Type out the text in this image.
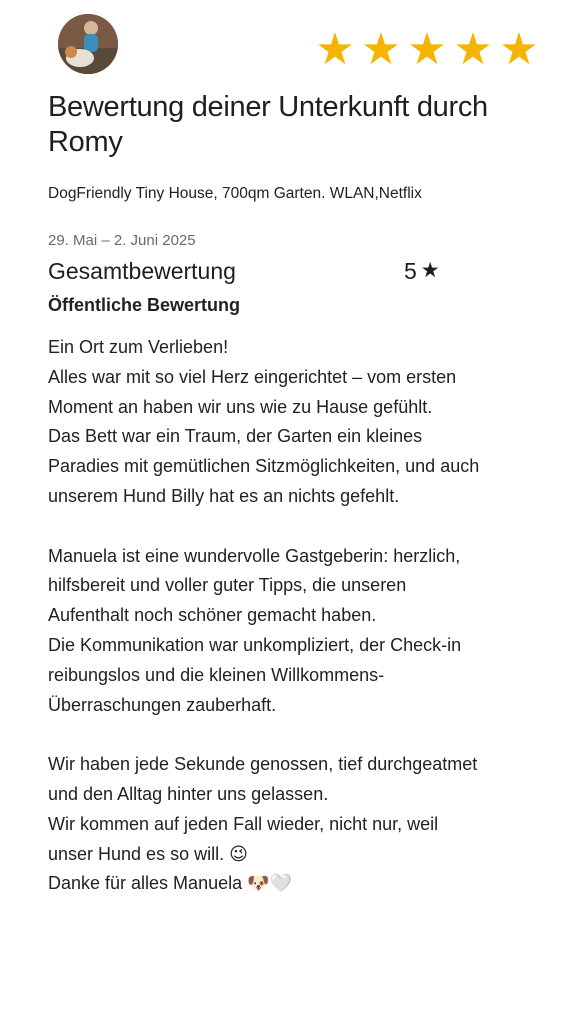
★ ★ ★ ★ ★
Bewertung deiner Unterkunft durch Romy
DogFriendly Tiny House, 700qm Garten. WLAN,Netflix
29. Mai – 2. Juni 2025
Gesamtbewertung	5 ★
Öffentliche Bewertung

Ein Ort zum Verlieben!

Alles war mit so viel Herz eingerichtet – vom ersten Moment an haben wir uns wie zu Hause gefühlt.

Das Bett war ein Traum, der Garten ein kleines Paradies mit gemütlichen Sitzmöglichkeiten, und auch unserem Hund Billy hat es an nichts gefehlt.

Manuela ist eine wundervolle Gastgeberin: herzlich, hilfsbereit und voller guter Tipps, die unseren Aufenthalt noch schöner gemacht haben.

Die Kommunikation war unkompliziert, der Check-in reibungslos und die kleinen Willkommens-Überraschungen zauberhaft.

Wir haben jede Sekunde genossen, tief durchgeatmet und den Alltag hinter uns gelassen.

Wir kommen auf jeden Fall wieder, nicht nur, weil unser Hund es so will. 😉

Danke für alles Manuela 🐶🤍
